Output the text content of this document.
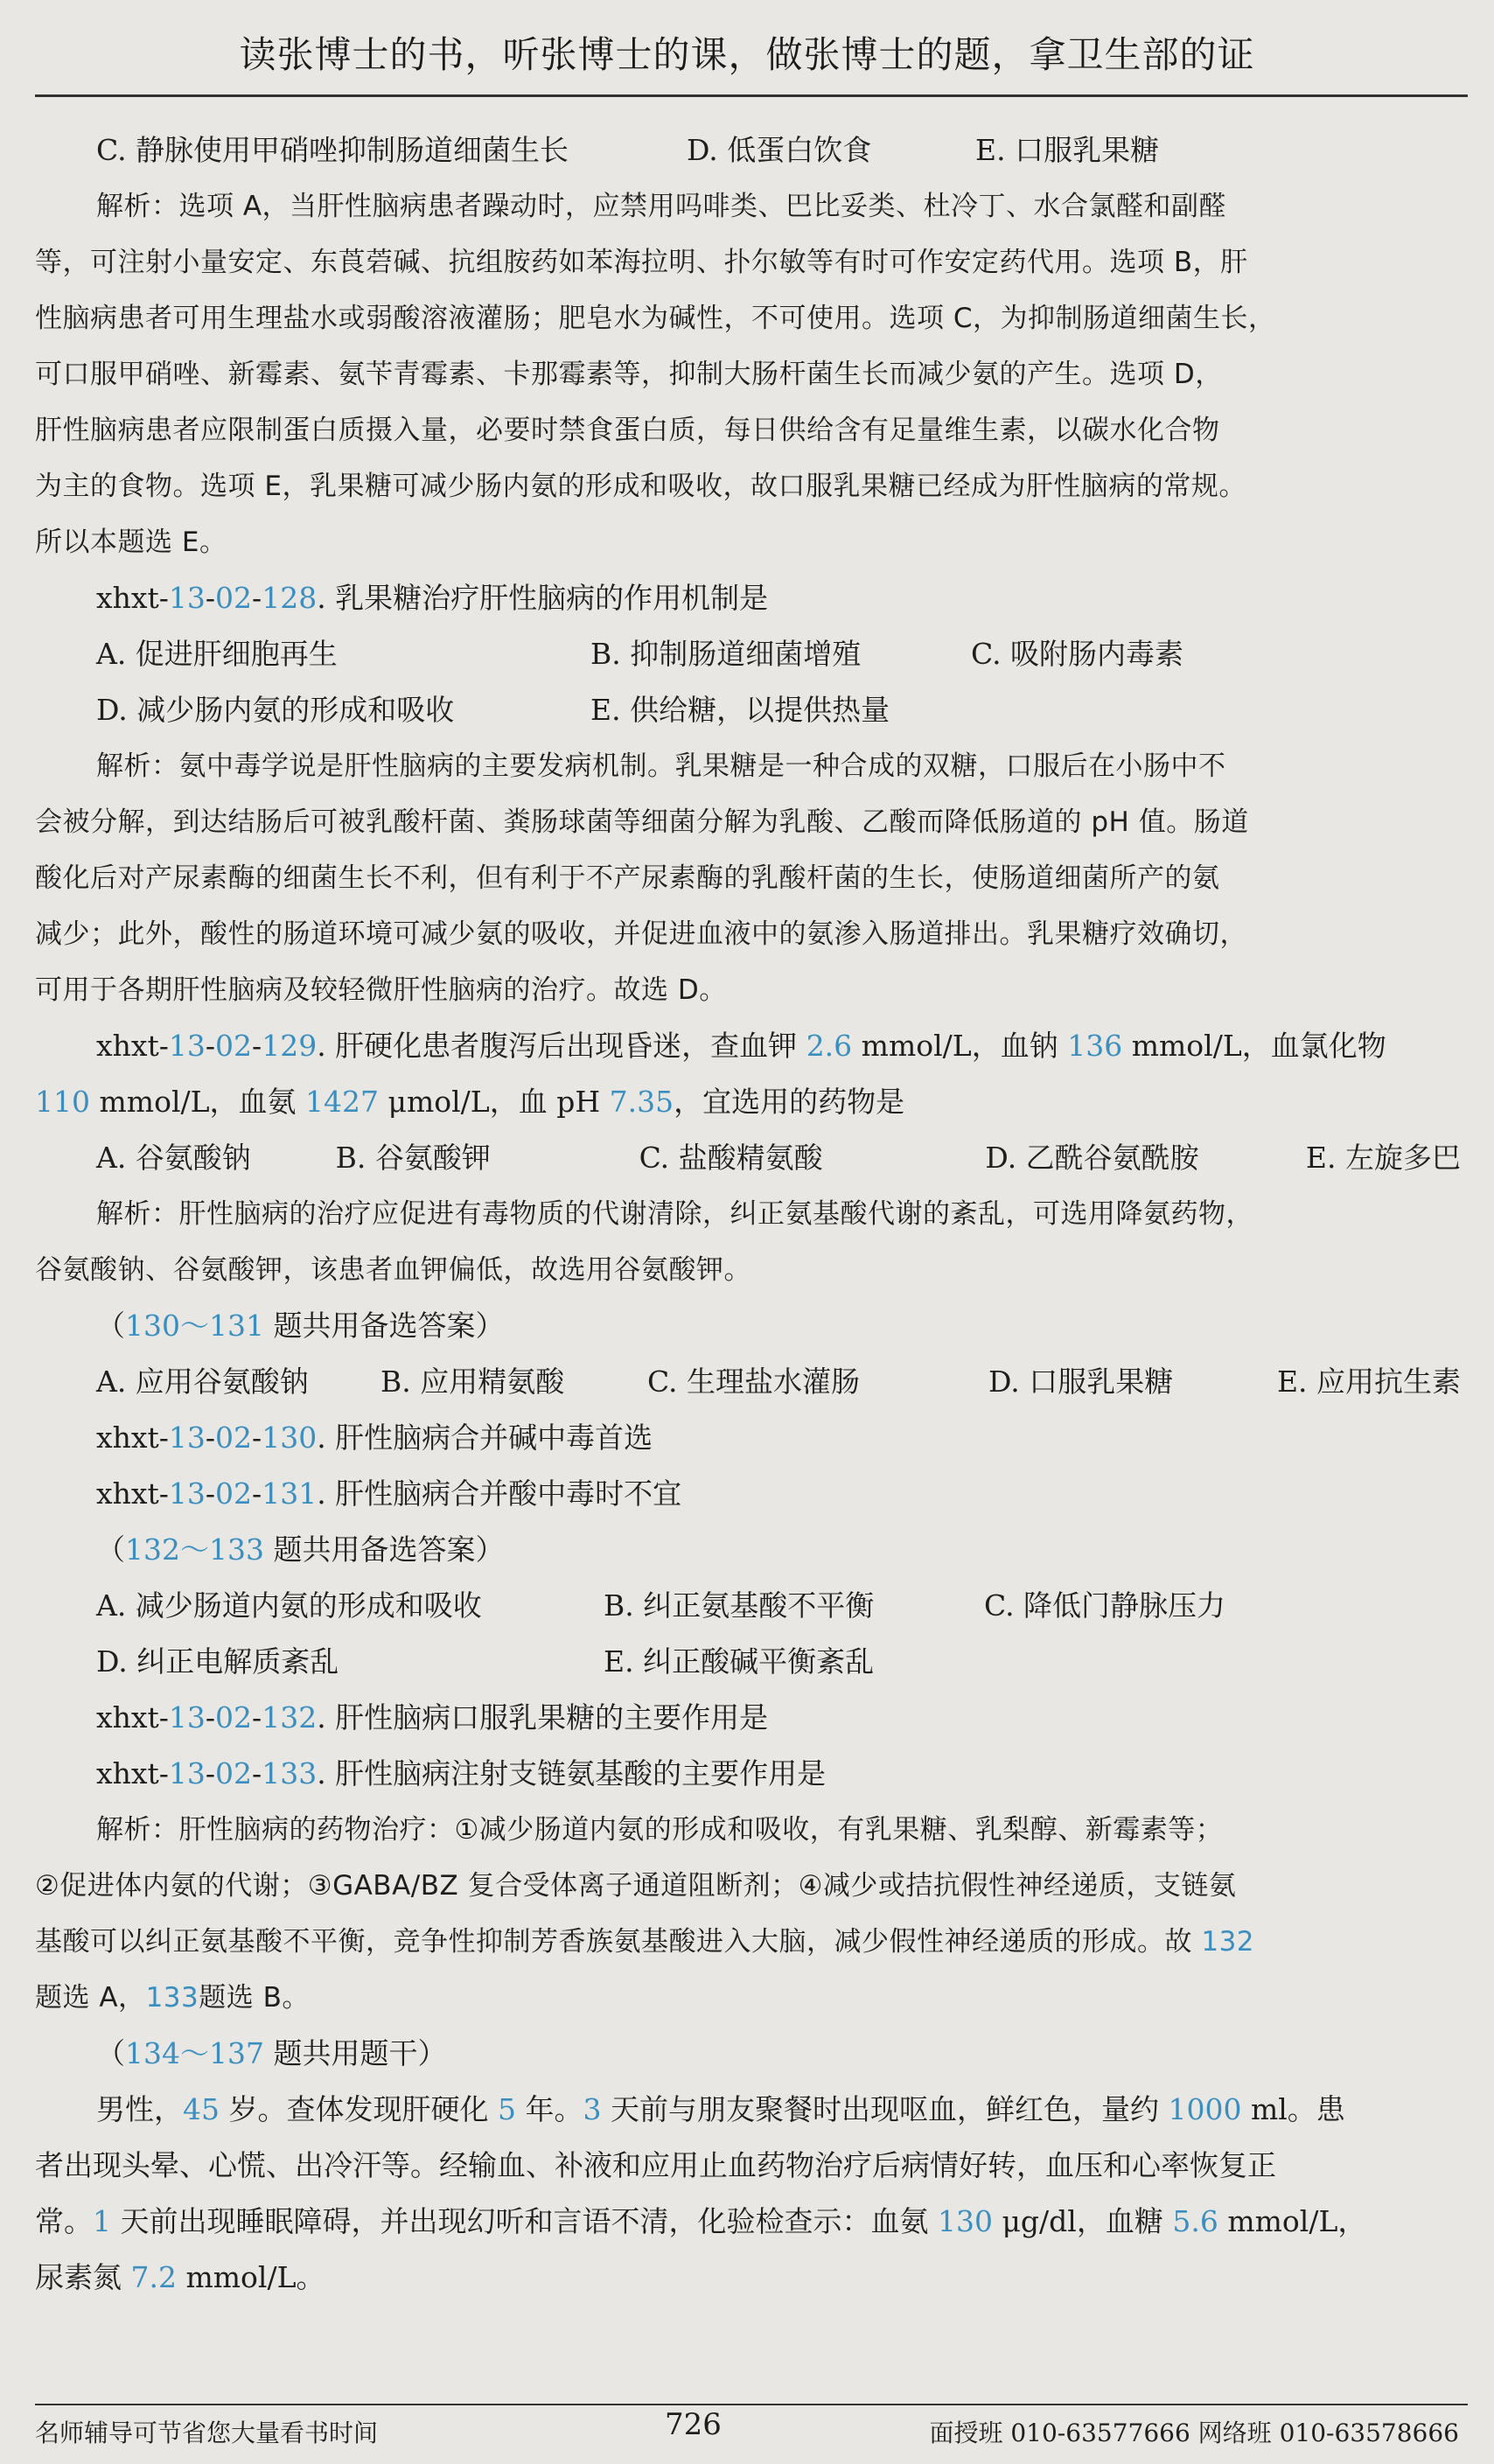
读张博士的书，听张博士的课，做张博士的题，拿卫生部的证
C. 静脉使用甲硝唑抑制肠道细菌生长	D. 低蛋白饮食	E. 口服乳果糖
解析：选项 A，当肝性脑病患者躁动时，应禁用吗啡类、巴比妥类、杜冷丁、水合氯醛和副醛
等，可注射小量安定、东莨菪碱、抗组胺药如苯海拉明、扑尔敏等有时可作安定药代用。选项 B，肝
性脑病患者可用生理盐水或弱酸溶液灌肠；肥皂水为碱性，不可使用。选项 C，为抑制肠道细菌生长，
可口服甲硝唑、新霉素、氨苄青霉素、卡那霉素等，抑制大肠杆菌生长而减少氨的产生。选项 D，
肝性脑病患者应限制蛋白质摄入量，必要时禁食蛋白质，每日供给含有足量维生素，以碳水化合物
为主的食物。选项 E，乳果糖可减少肠内氨的形成和吸收，故口服乳果糖已经成为肝性脑病的常规。
所以本题选 E。
xhxt-13-02-128. 乳果糖治疗肝性脑病的作用机制是
A. 促进肝细胞再生	B. 抑制肠道细菌增殖	C. 吸附肠内毒素
D. 减少肠内氨的形成和吸收	E. 供给糖，以提供热量
解析：氨中毒学说是肝性脑病的主要发病机制。乳果糖是一种合成的双糖，口服后在小肠中不
会被分解，到达结肠后可被乳酸杆菌、粪肠球菌等细菌分解为乳酸、乙酸而降低肠道的 pH 值。肠道
酸化后对产尿素酶的细菌生长不利，但有利于不产尿素酶的乳酸杆菌的生长，使肠道细菌所产的氨
减少；此外，酸性的肠道环境可减少氨的吸收，并促进血液中的氨渗入肠道排出。乳果糖疗效确切，
可用于各期肝性脑病及较轻微肝性脑病的治疗。故选 D。
xhxt-13-02-129. 肝硬化患者腹泻后出现昏迷，查血钾 2.6 mmol/L，血钠 136 mmol/L，血氯化物
110 mmol/L，血氨 1427 μmol/L，血 pH 7.35，宜选用的药物是
A. 谷氨酸钠	B. 谷氨酸钾	C. 盐酸精氨酸	D. 乙酰谷氨酰胺	E. 左旋多巴
解析：肝性脑病的治疗应促进有毒物质的代谢清除，纠正氨基酸代谢的紊乱，可选用降氨药物，
谷氨酸钠、谷氨酸钾，该患者血钾偏低，故选用谷氨酸钾。
（130～131 题共用备选答案）
A. 应用谷氨酸钠	B. 应用精氨酸	C. 生理盐水灌肠	D. 口服乳果糖	E. 应用抗生素
xhxt-13-02-130. 肝性脑病合并碱中毒首选
xhxt-13-02-131. 肝性脑病合并酸中毒时不宜
（132～133 题共用备选答案）
A. 减少肠道内氨的形成和吸收	B. 纠正氨基酸不平衡	C. 降低门静脉压力
D. 纠正电解质紊乱	E. 纠正酸碱平衡紊乱
xhxt-13-02-132. 肝性脑病口服乳果糖的主要作用是
xhxt-13-02-133. 肝性脑病注射支链氨基酸的主要作用是
解析：肝性脑病的药物治疗：①减少肠道内氨的形成和吸收，有乳果糖、乳梨醇、新霉素等；
②促进体内氨的代谢；③GABA/BZ 复合受体离子通道阻断剂；④减少或拮抗假性神经递质，支链氨
基酸可以纠正氨基酸不平衡，竞争性抑制芳香族氨基酸进入大脑，减少假性神经递质的形成。故 132
题选 A，133题选 B。
（134～137 题共用题干）
男性，45 岁。查体发现肝硬化 5 年。3 天前与朋友聚餐时出现呕血，鲜红色，量约 1000 ml。患
者出现头晕、心慌、出冷汗等。经输血、补液和应用止血药物治疗后病情好转，血压和心率恢复正
常。1 天前出现睡眠障碍，并出现幻听和言语不清，化验检查示：血氨 130 μg/dl，血糖 5.6 mmol/L，
尿素氮 7.2 mmol/L。
名师辅导可节省您大量看书时间	726	面授班 010-63577666 网络班 010-63578666
